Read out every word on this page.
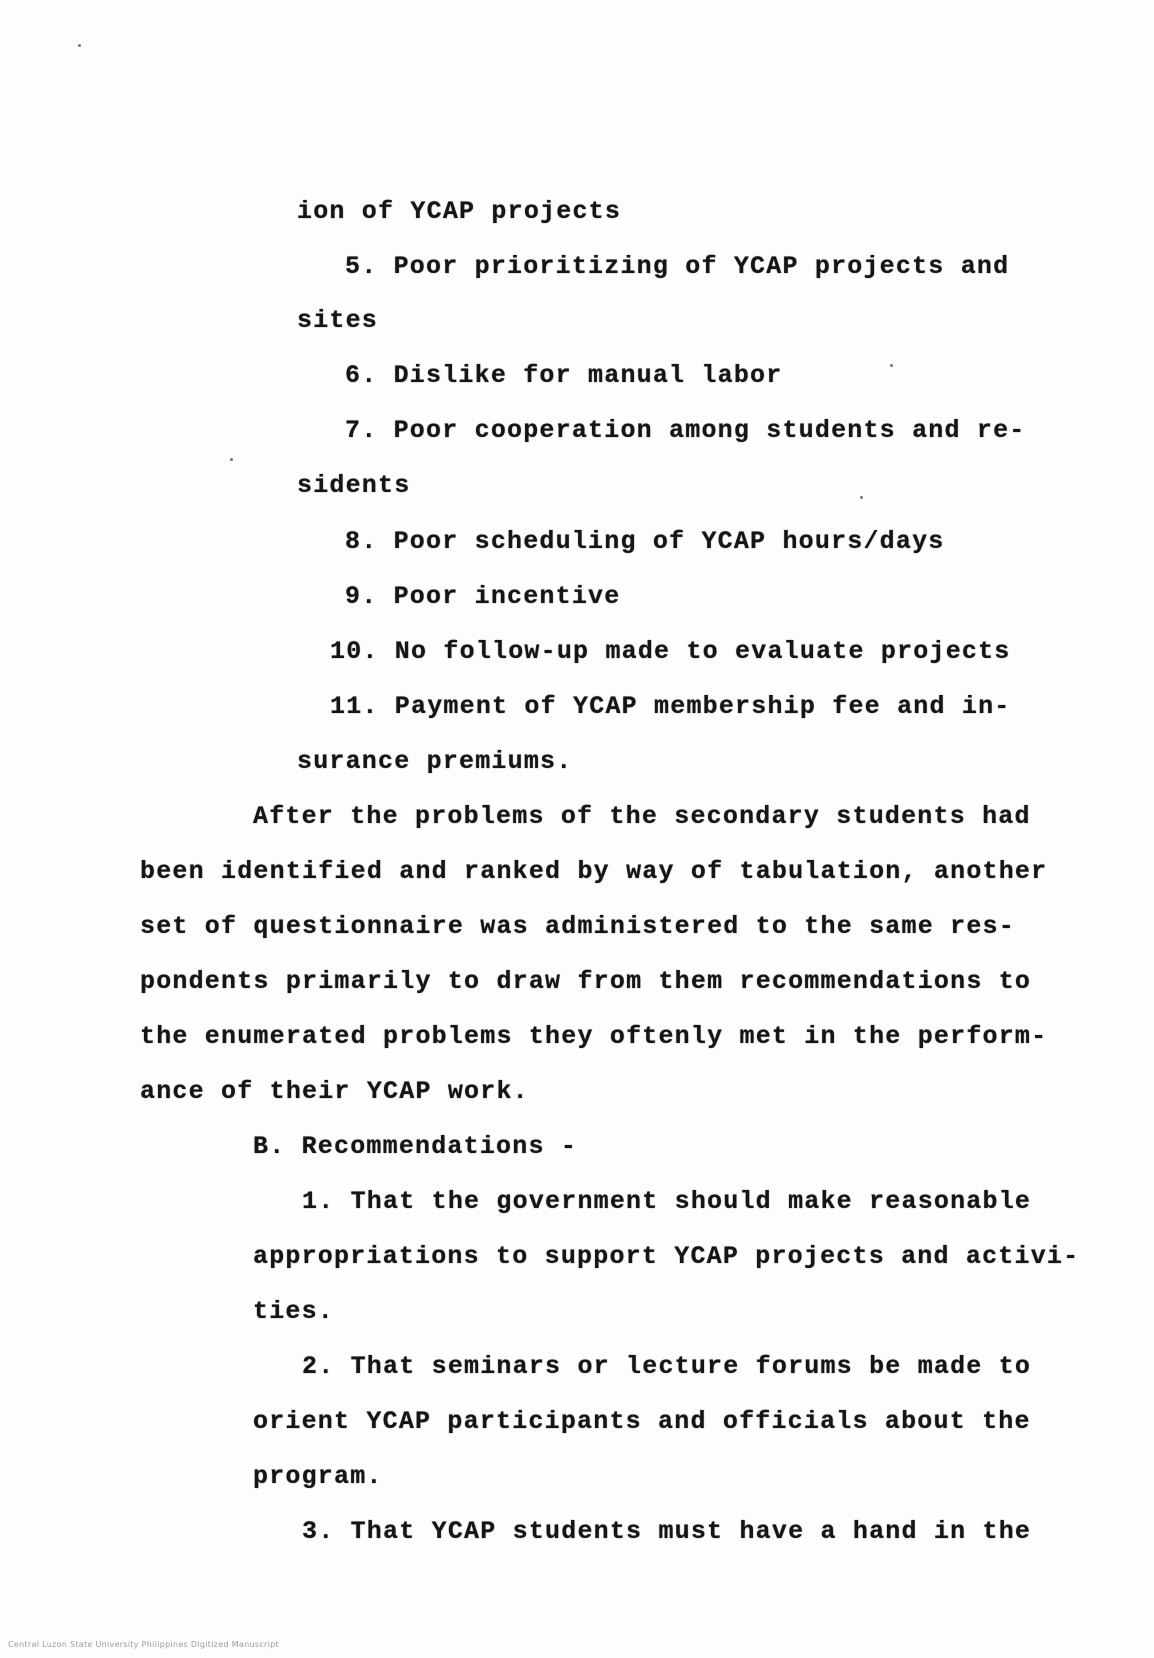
ion of YCAP projects
5. Poor prioritizing of YCAP projects and
sites
6. Dislike for manual labor
7. Poor cooperation among students and re-
sidents
8. Poor scheduling of YCAP hours/days
9. Poor incentive
10. No follow-up made to evaluate projects
11. Payment of YCAP membership fee and in-
surance premiums.
After the problems of the secondary students had
been identified and ranked by way of tabulation, another
set of questionnaire was administered to the same res-
pondents primarily to draw from them recommendations to
the enumerated problems they oftenly met in the perform-
ance of their YCAP work.
B. Recommendations -
1. That the government should make reasonable
appropriations to support YCAP projects and activi-
ties.
2. That seminars or lecture forums be made to
orient YCAP participants and officials about the
program.
3. That YCAP students must have a hand in the
Central Luzon State University Philippines Digitized Manuscript
